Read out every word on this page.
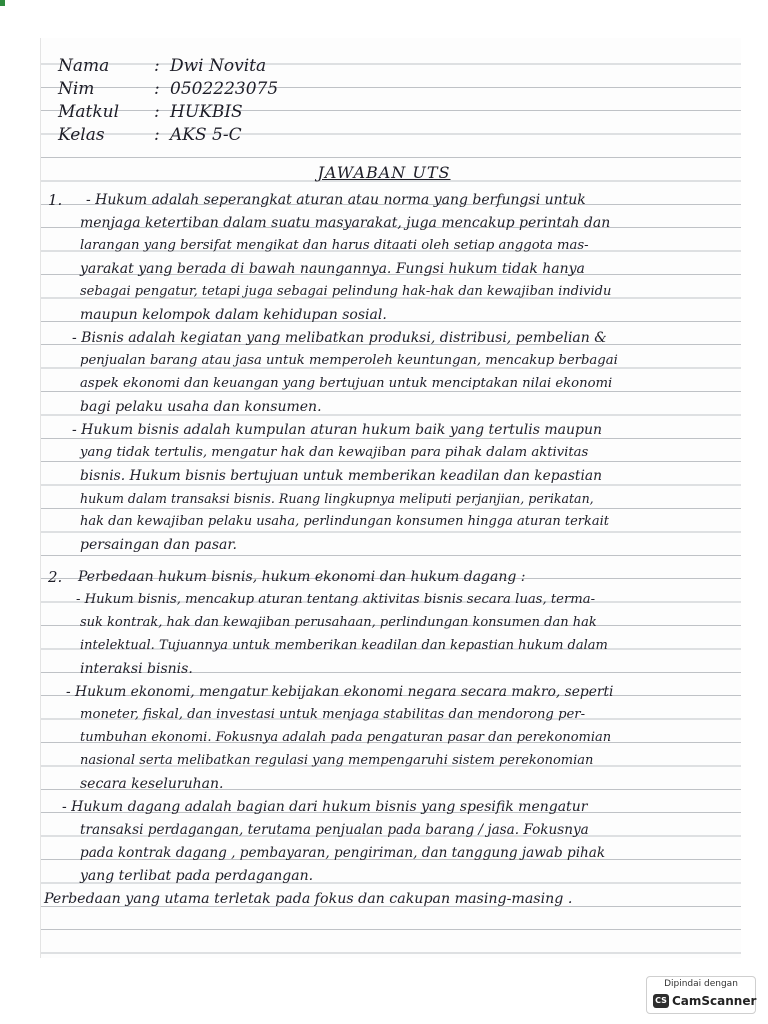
Nama	: Dwi Novita
Nim	: 0502223075
Matkul	: HUKBIS
Kelas	: AKS 5-C
JAWABAN UTS
1.
2.
- Hukum adalah seperangkat aturan atau norma yang berfungsi untuk
menjaga ketertiban dalam suatu masyarakat, juga mencakup perintah dan
larangan yang bersifat mengikat dan harus ditaati oleh setiap anggota mas-
yarakat yang berada di bawah naungannya. Fungsi hukum tidak hanya
sebagai pengatur, tetapi juga sebagai pelindung hak-hak dan kewajiban individu
maupun kelompok dalam kehidupan sosial.
- Bisnis adalah kegiatan yang melibatkan produksi, distribusi, pembelian &
penjualan barang atau jasa untuk memperoleh keuntungan, mencakup berbagai
aspek ekonomi dan keuangan yang bertujuan untuk menciptakan nilai ekonomi
bagi pelaku usaha dan konsumen.
- Hukum bisnis adalah kumpulan aturan hukum baik yang tertulis maupun
yang tidak tertulis, mengatur hak dan kewajiban para pihak dalam aktivitas
bisnis. Hukum bisnis bertujuan untuk memberikan keadilan dan kepastian
hukum dalam transaksi bisnis. Ruang lingkupnya meliputi perjanjian, perikatan,
hak dan kewajiban pelaku usaha, perlindungan konsumen hingga aturan terkait
persaingan dan pasar.
Perbedaan hukum bisnis, hukum ekonomi dan hukum dagang :
- Hukum bisnis, mencakup aturan tentang aktivitas bisnis secara luas, terma-
suk kontrak, hak dan kewajiban perusahaan, perlindungan konsumen dan hak
intelektual. Tujuannya untuk memberikan keadilan dan kepastian hukum dalam
interaksi bisnis.
- Hukum ekonomi, mengatur kebijakan ekonomi negara secara makro, seperti
moneter, fiskal, dan investasi untuk menjaga stabilitas dan mendorong per-
tumbuhan ekonomi. Fokusnya adalah pada pengaturan pasar dan perekonomian
nasional serta melibatkan regulasi yang mempengaruhi sistem perekonomian
secara keseluruhan.
- Hukum dagang adalah bagian dari hukum bisnis yang spesifik mengatur
transaksi perdagangan, terutama penjualan pada barang / jasa. Fokusnya
pada kontrak dagang , pembayaran, pengiriman, dan tanggung jawab pihak
yang terlibat pada perdagangan.
Perbedaan yang utama terletak pada fokus dan cakupan masing-masing .
Dipindai dengan
CS CamScanner
